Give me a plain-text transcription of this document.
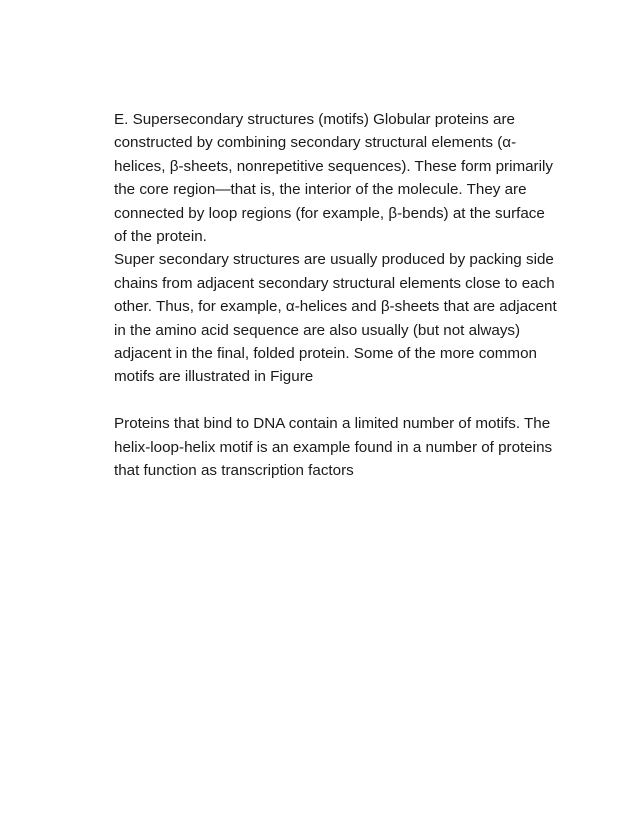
E. Supersecondary structures (motifs) Globular proteins are
constructed by combining secondary structural elements (α-
helices, β-sheets, nonrepetitive sequences). These form primarily
the core region—that is, the interior of the molecule. They are
connected by loop regions (for example, β-bends) at the surface
of the protein.

Super secondary structures are usually produced by packing side
chains from adjacent secondary structural elements close to each
other. Thus, for example, α-helices and β-sheets that are adjacent
in the amino acid sequence are also usually (but not always)
adjacent in the final, folded protein. Some of the more common
motifs are illustrated in Figure

Proteins that bind to DNA contain a limited number of motifs. The
helix-loop-helix motif is an example found in a number of proteins
that function as transcription factors
